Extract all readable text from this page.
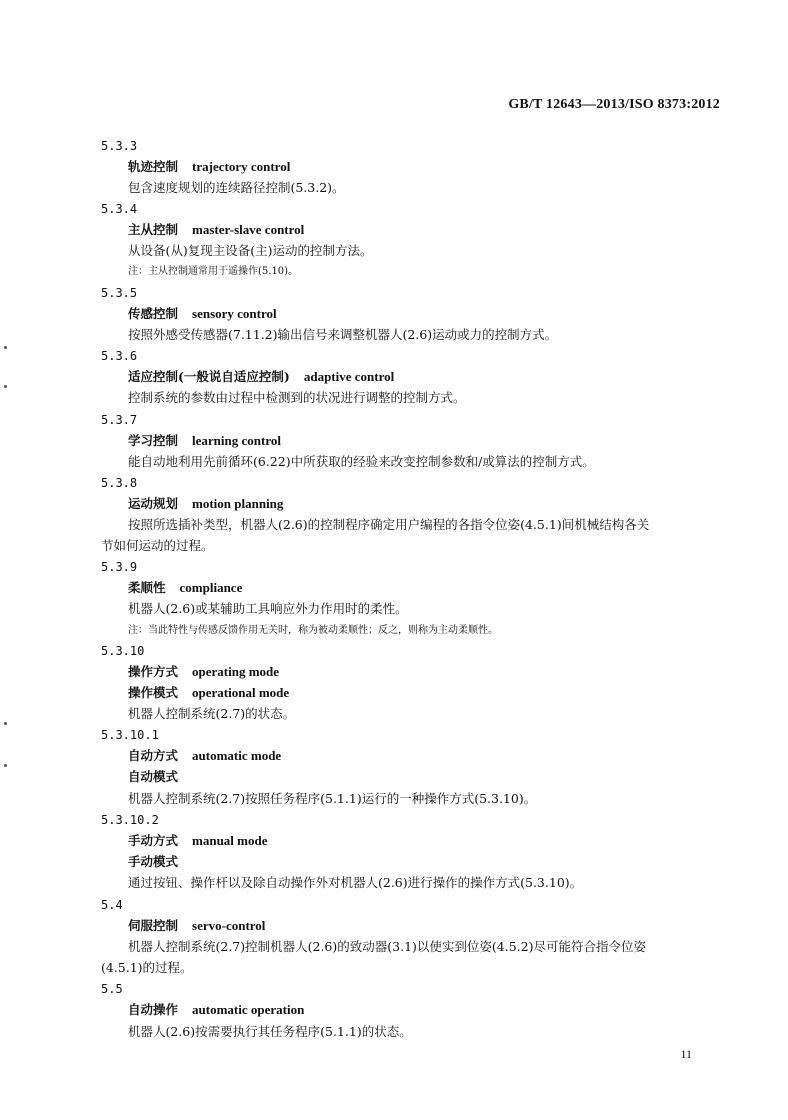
GB/T 12643—2013/ISO 8373:2012
5.3.3
轨迹控制 trajectory control
包含速度规划的连续路径控制(5.3.2)。
5.3.4
主从控制 master-slave control
从设备(从)复现主设备(主)运动的控制方法。
注：主从控制通常用于遥操作(5.10)。
5.3.5
传感控制 sensory control
按照外感受传感器(7.11.2)输出信号来调整机器人(2.6)运动或力的控制方式。
5.3.6
适应控制(一般说自适应控制) adaptive control
控制系统的参数由过程中检测到的状况进行调整的控制方式。
5.3.7
学习控制 learning control
能自动地利用先前循环(6.22)中所获取的经验来改变控制参数和/或算法的控制方式。
5.3.8
运动规划 motion planning
按照所选插补类型，机器人(2.6)的控制程序确定用户编程的各指令位姿(4.5.1)间机械结构各关
节如何运动的过程。
5.3.9
柔顺性 compliance
机器人(2.6)或某辅助工具响应外力作用时的柔性。
注：当此特性与传感反馈作用无关时，称为被动柔顺性；反之，则称为主动柔顺性。
5.3.10
操作方式 operating mode
操作模式 operational mode
机器人控制系统(2.7)的状态。
5.3.10.1
自动方式 automatic mode
自动模式
机器人控制系统(2.7)按照任务程序(5.1.1)运行的一种操作方式(5.3.10)。
5.3.10.2
手动方式 manual mode
手动模式
通过按钮、操作杆以及除自动操作外对机器人(2.6)进行操作的操作方式(5.3.10)。
5.4
伺服控制 servo-control
机器人控制系统(2.7)控制机器人(2.6)的致动器(3.1)以使实到位姿(4.5.2)尽可能符合指令位姿
(4.5.1)的过程。
5.5
自动操作 automatic operation
机器人(2.6)按需要执行其任务程序(5.1.1)的状态。
11
